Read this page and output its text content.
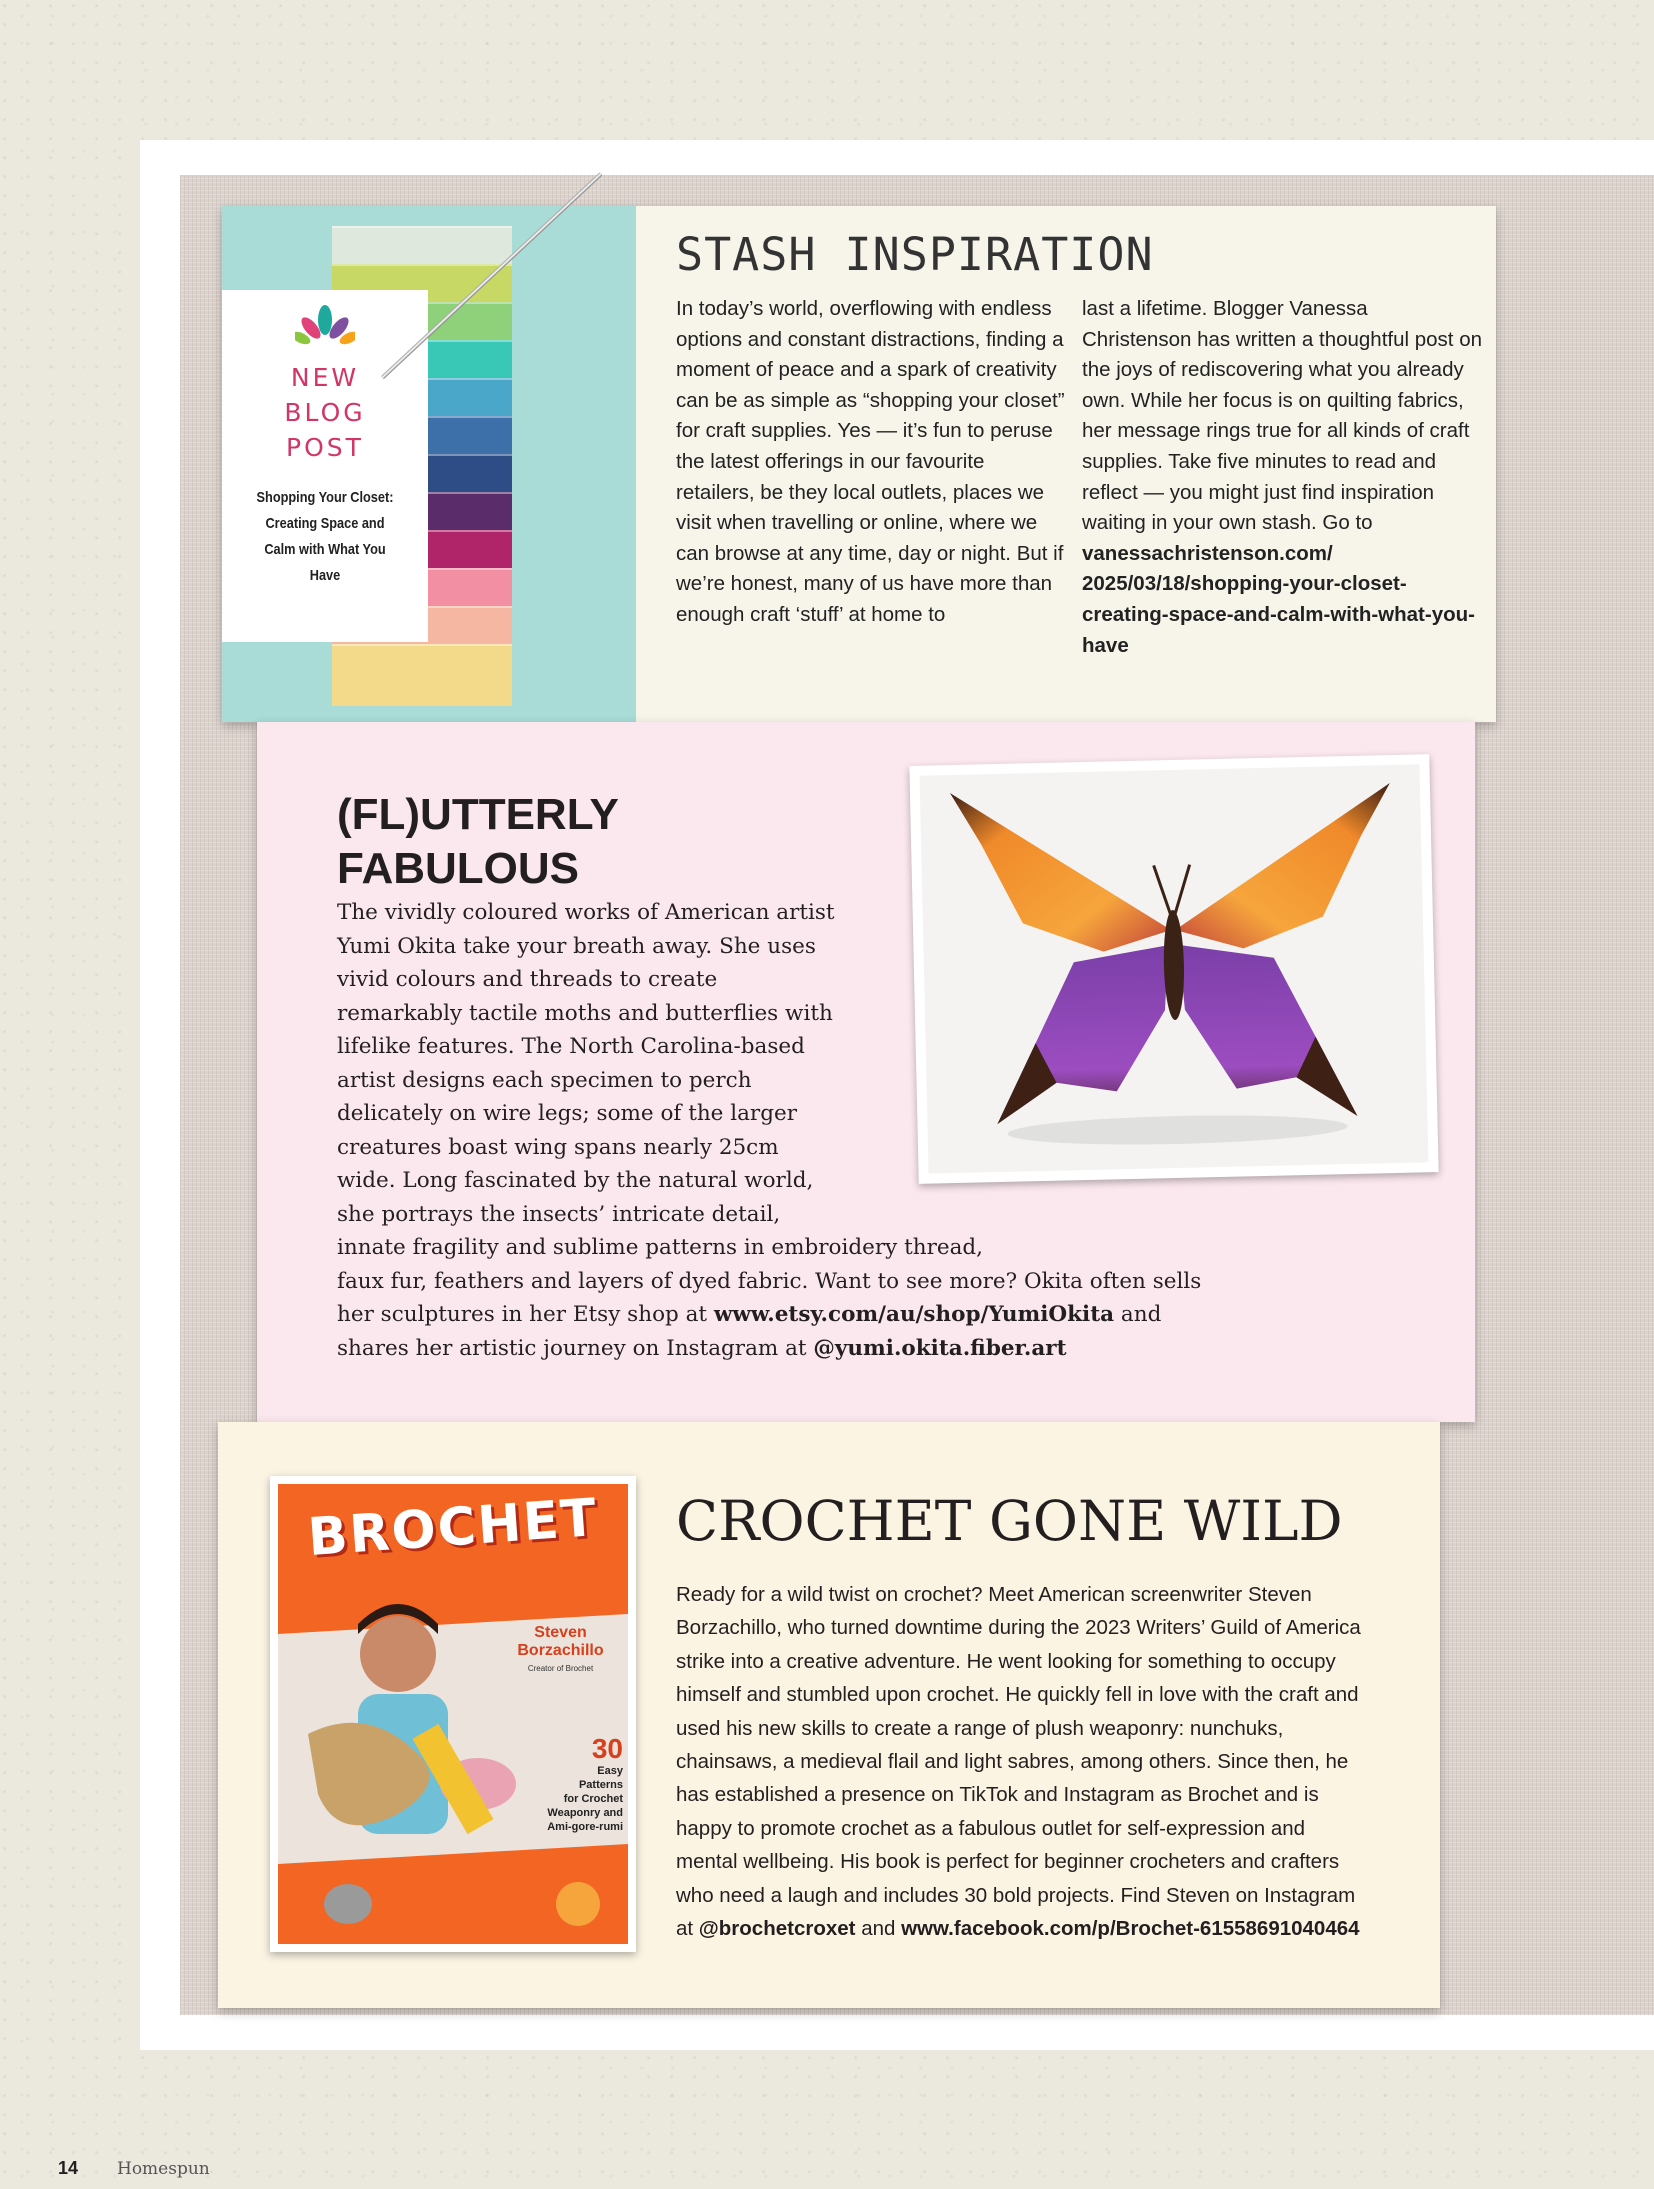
NEW
BLOG
POST
Shopping Your Closet: Creating Space and Calm with What You Have
STASH INSPIRATION

In today’s world, overflowing with endless options and constant distractions, finding a moment of peace and a spark of creativity can be as simple as “shopping your closet” for craft supplies. Yes — it’s fun to peruse the latest offerings in our favourite retailers, be they local outlets, places we visit when travelling or online, where we can browse at any time, day or night. But if we’re honest, many of us have more than enough craft ‘stuff’ at home to

last a lifetime. Blogger Vanessa Christenson has written a thoughtful post on the joys of rediscovering what you already own. While her focus is on quilting fabrics, her message rings true for all kinds of craft supplies. Take five minutes to read and reflect — you might just find inspiration waiting in your own stash. Go to vanessachristenson.com/ 2025/03/18/shopping-your-closet-creating-space-and-calm-with-what-you-have

(FL)UTTERLY
FABULOUS

The vividly coloured works of American artist
Yumi Okita take your breath away. She uses
vivid colours and threads to create
remarkably tactile moths and butterflies with
lifelike features. The North Carolina-based
artist designs each specimen to perch
delicately on wire legs; some of the larger
creatures boast wing spans nearly 25cm
wide. Long fascinated by the natural world,
she portrays the insects’ intricate detail,
innate fragility and sublime patterns in embroidery thread,
faux fur, feathers and layers of dyed fabric. Want to see more? Okita often sells
her sculptures in her Etsy shop at www.etsy.com/au/shop/YumiOkita and
shares her artistic journey on Instagram at @yumi.okita.fiber.art

BROCHET
Steven
Borzachillo
Creator of Brochet
30
Easy
Patterns
for Crochet
Weaponry and
Ami-gore-rumi
CROCHET GONE WILD

Ready for a wild twist on crochet? Meet American screenwriter Steven
Borzachillo, who turned downtime during the 2023 Writers’ Guild of America
strike into a creative adventure. He went looking for something to occupy
himself and stumbled upon crochet. He quickly fell in love with the craft and
used his new skills to create a range of plush weaponry: nunchuks,
chainsaws, a medieval flail and light sabres, among others. Since then, he
has established a presence on TikTok and Instagram as Brochet and is
happy to promote crochet as a fabulous outlet for self-expression and
mental wellbeing. His book is perfect for beginner crocheters and crafters
who need a laugh and includes 30 bold projects. Find Steven on Instagram
at @brochetcroxet and www.facebook.com/p/Brochet-61558691040464

14 Homespun
